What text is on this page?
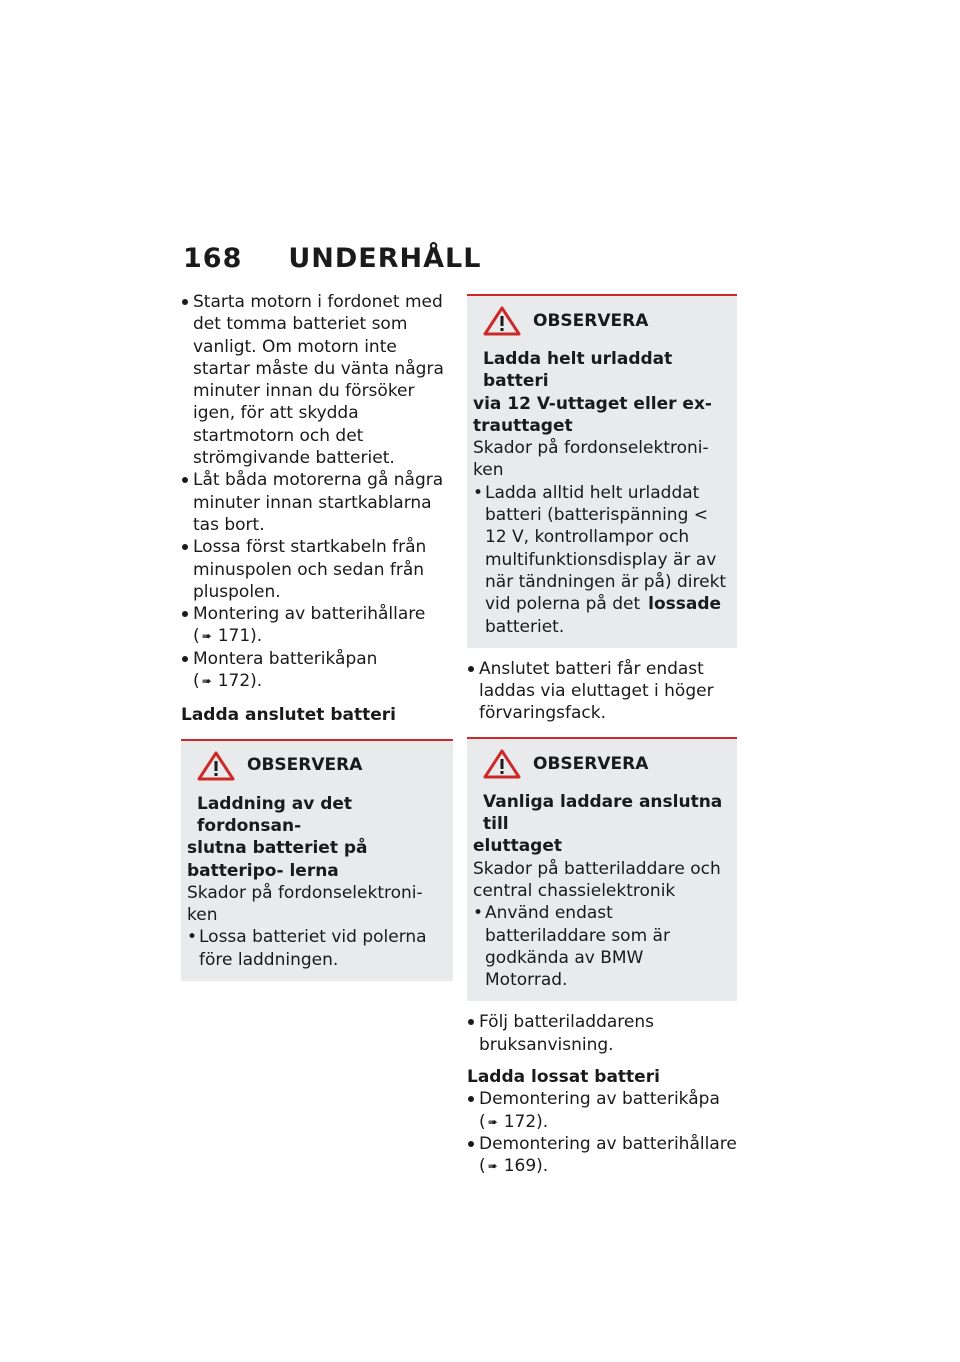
168 UNDERHÅLL
Starta motorn i fordonet med det tomma batteriet som vanligt. Om motorn inte startar måste du vänta några minuter innan du försöker igen, för att skydda startmotorn och det strömgivande batteriet.
Låt båda motorerna gå några minuter innan startkablarna tas bort.
Lossa först startkabeln från minuspolen och sedan från pluspolen.
Montering av batterihållare
( ➠ 171).
Montera batterikåpan
( ➠ 172).
Ladda anslutet batteri
OBSERVERA
Laddning av det fordonsan-
slutna batteriet på batteripo- lerna
Skador på fordonselektroni- ken
• Lossa batteriet vid polerna före laddningen.
OBSERVERA
Ladda helt urladdat batteri
via 12 V-uttaget eller ex- trauttaget
Skador på fordonselektroni- ken
• Ladda alltid helt urladdat batteri (batterispänning < 12 V, kontrollampor och multifunktionsdisplay är av när tändningen är på) direkt vid polerna på det lossade batteriet.
Anslutet batteri får endast laddas via eluttaget i höger förvaringsfack.
OBSERVERA
Vanliga laddare anslutna till
eluttaget
Skador på batteriladdare och central chassielektronik
• Använd endast batteriladdare som är godkända av BMW Motorrad.
Följ batteriladdarens bruksanvisning.
Ladda lossat batteri
Demontering av batterikåpa
( ➠ 172).
Demontering av batterihållare
( ➠ 169).
